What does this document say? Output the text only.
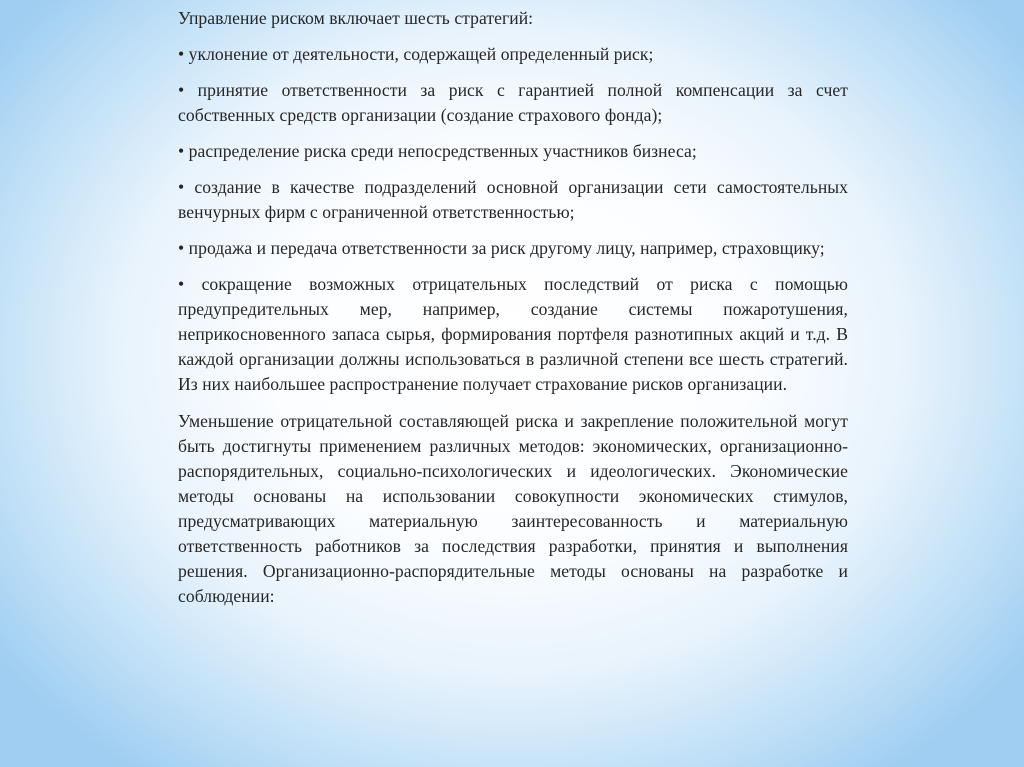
Управление риском включает шесть стратегий:

• уклонение от деятельности, содержащей определенный риск;

• принятие ответственности за риск с гарантией полной компенсации за счет собственных средств организации (создание страхового фонда);

• распределение риска среди непосредственных участников бизнеса;

• создание в качестве подразделений основной организации сети самостоятельных венчурных фирм с ограниченной ответственностью;

• продажа и передача ответственности за риск другому лицу, например, страховщику;

• сокращение возможных отрицательных последствий от риска с помощью предупредительных мер, например, создание системы пожаротушения, неприкосновенного запаса сырья, формирования портфеля разнотипных акций и т.д. В каждой организации должны использоваться в различной степени все шесть стратегий. Из них наибольшее распространение получает страхование рисков организации.

Уменьшение отрицательной составляющей риска и закрепление положительной могут быть достигнуты применением различных методов: экономических, организационно-распорядительных, социально-психологических и идеологических. Экономические методы основаны на использовании совокупности экономических стимулов, предусматривающих материальную заинтересованность и материальную ответственность работников за последствия разработки, принятия и выполнения решения. Организационно-распорядительные методы основаны на разработке и соблюдении:
